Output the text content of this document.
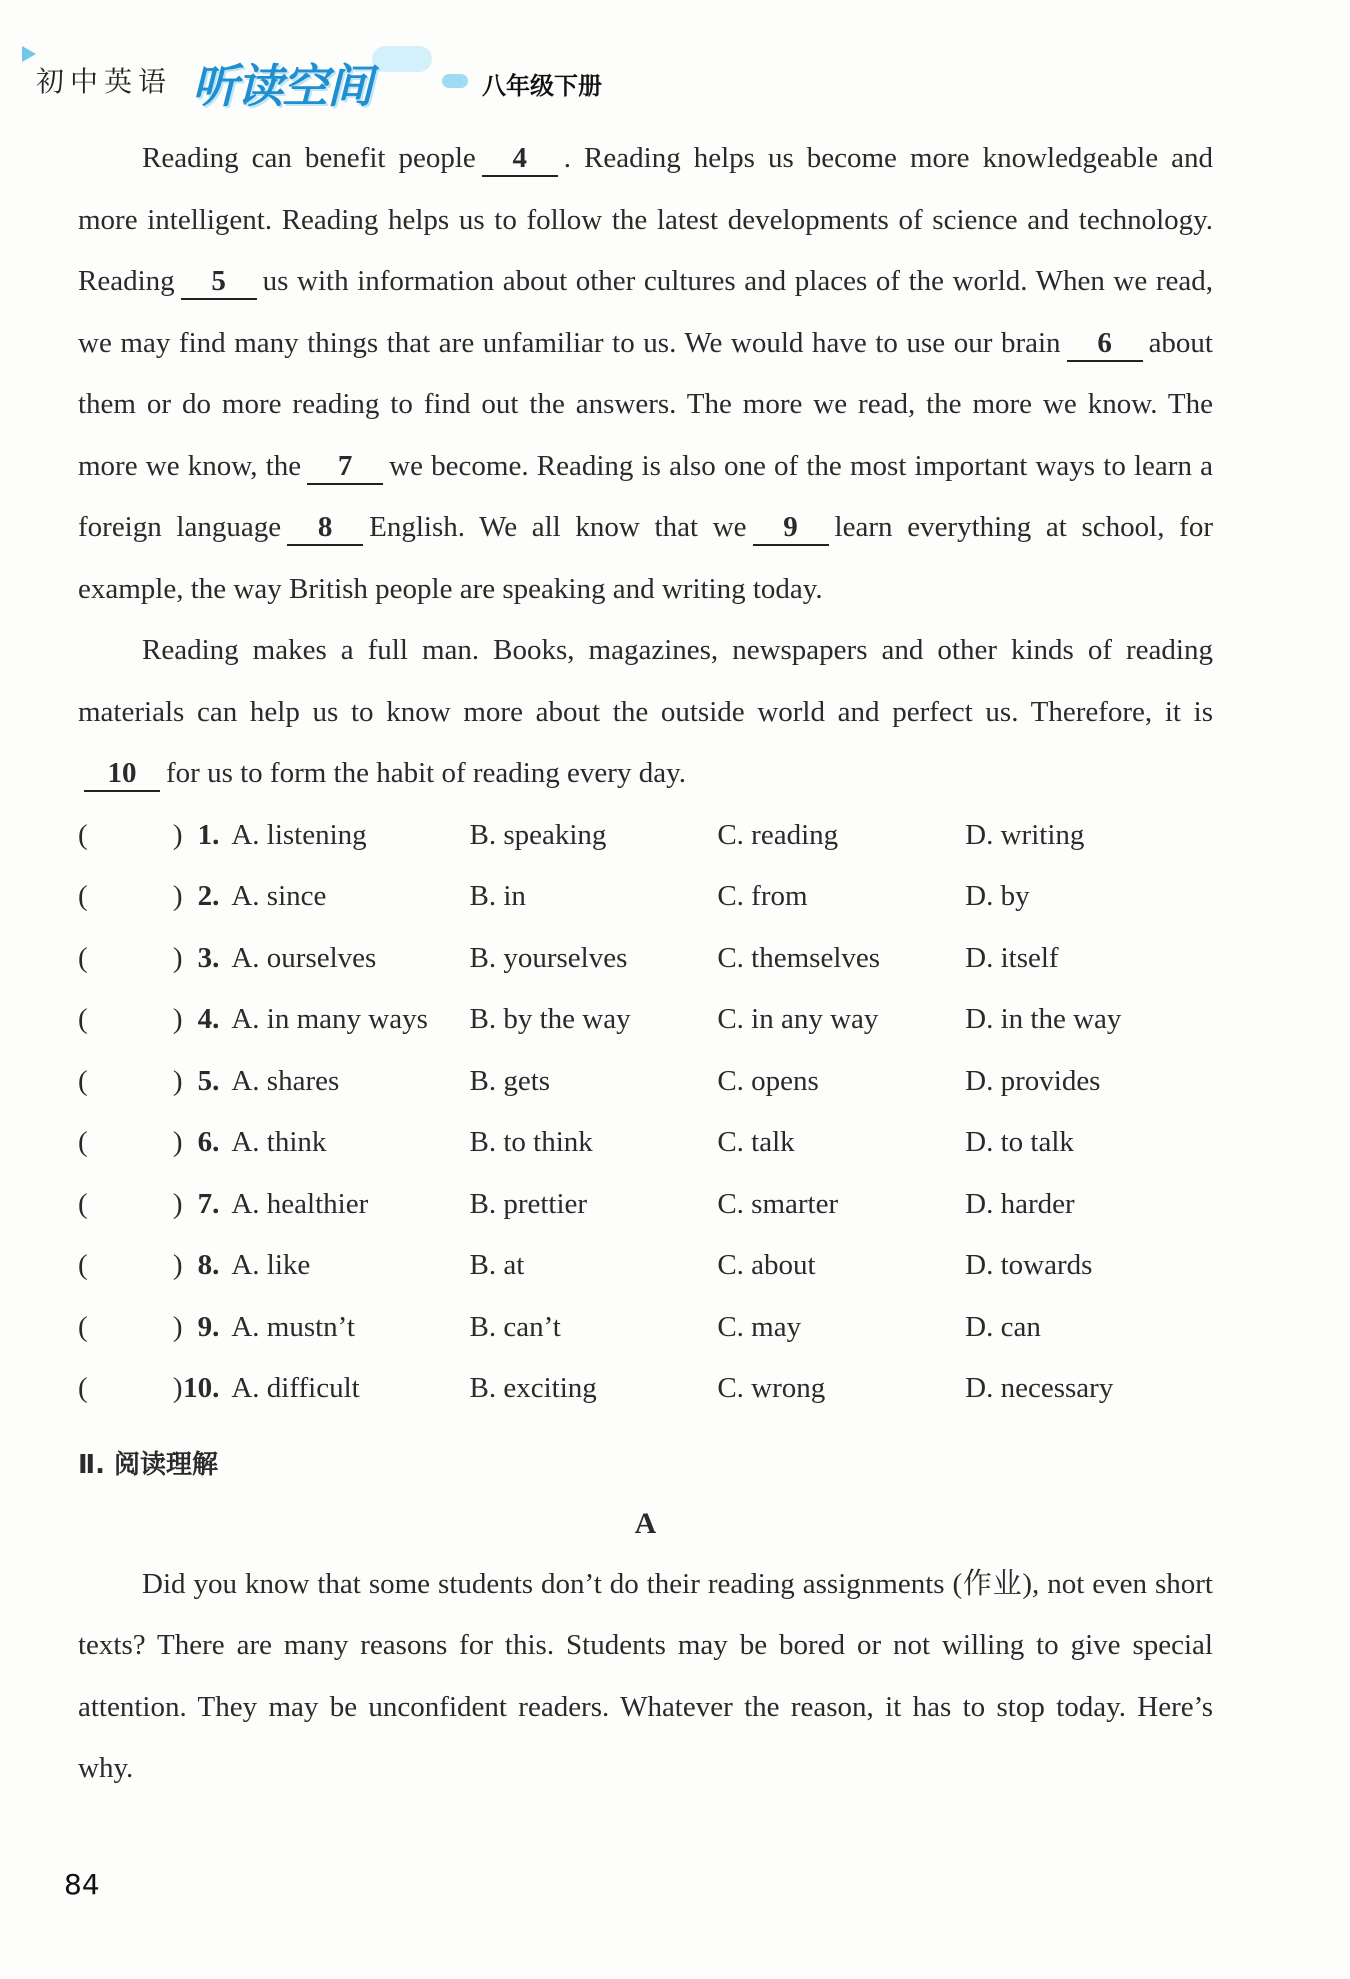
初中英语 听读空间	八年级下册

Reading can benefit people 4 . Reading helps us become more knowledgeable and more intelligent. Reading helps us to follow the latest developments of science and technology. Reading 5 us with information about other cultures and places of the world. When we read, we may find many things that are unfamiliar to us. We would have to use our brain 6 about them or do more reading to find out the answers. The more we read, the more we know. The more we know, the 7 we become. Reading is also one of the most important ways to learn a foreign language 8 English. We all know that we 9 learn everything at school, for example, the way British people are speaking and writing today.

Reading makes a full man. Books, magazines, newspapers and other kinds of reading materials can help us to know more about the outside world and perfect us. Therefore, it is10 for us to form the habit of reading every day.

(	) 1. A. listening	B. speaking	C. reading	D. writing
(	) 2. A. since	B. in	C. from	D. by
(	) 3. A. ourselves	B. yourselves	C. themselves	D. itself
(	) 4. A. in many ways	B. by the way	C. in any way	D. in the way
(	) 5. A. shares	B. gets	C. opens	D. provides
(	) 6. A. think	B. to think	C. talk	D. to talk
(	) 7. A. healthier	B. prettier	C. smarter	D. harder
(	) 8. A. like	B. at	C. about	D. towards
(	) 9. A. mustn’t	B. can’t	C. may	D. can
(	) 10. A. difficult	B. exciting	C. wrong	D. necessary
Ⅱ. 阅读理解
A

Did you know that some students don’t do their reading assignments (作业), not even short texts? There are many reasons for this. Students may be bored or not willing to give special attention. They may be unconfident readers. Whatever the reason, it has to stop today. Here’s why.

84
